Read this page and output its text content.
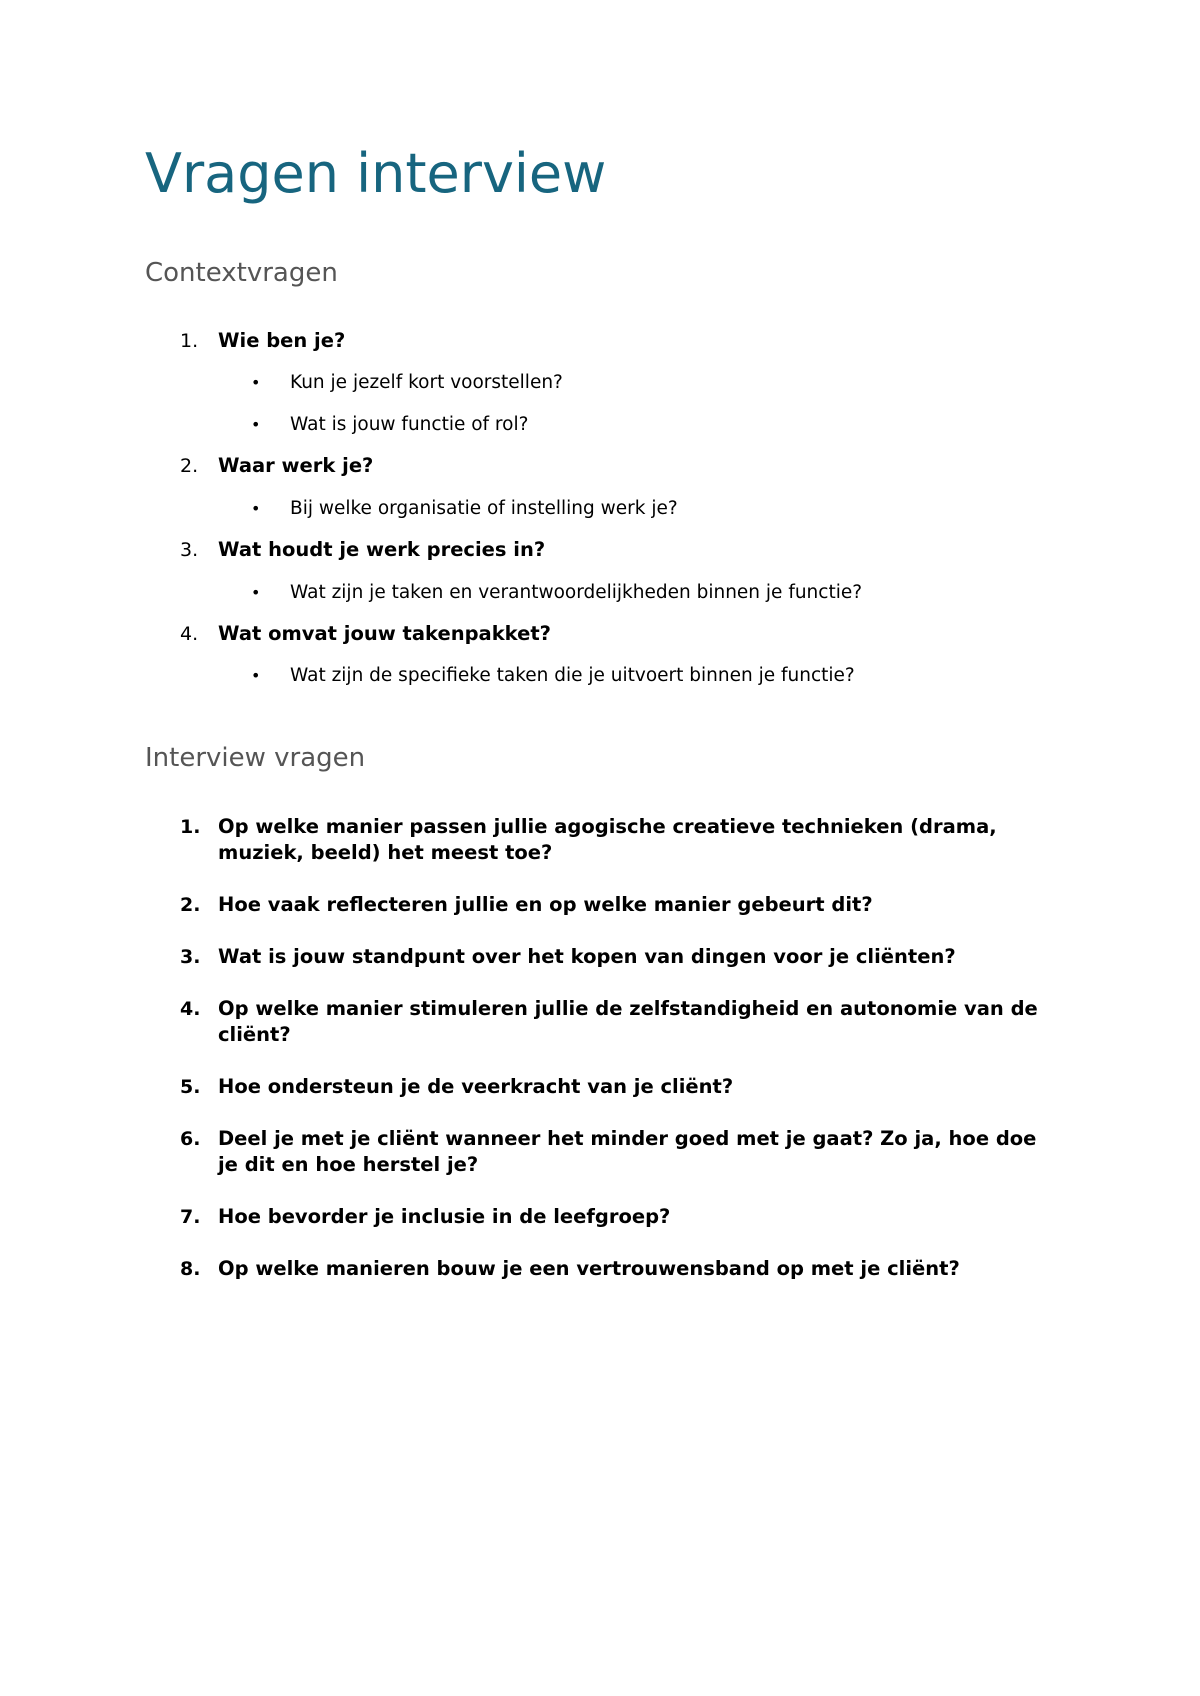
Vragen interview
Contextvragen
1. Wie ben je?
• Kun je jezelf kort voorstellen?
• Wat is jouw functie of rol?
2. Waar werk je?
• Bij welke organisatie of instelling werk je?
3. Wat houdt je werk precies in?
• Wat zijn je taken en verantwoordelijkheden binnen je functie?
4. Wat omvat jouw takenpakket?
• Wat zijn de specifieke taken die je uitvoert binnen je functie?
Interview vragen
1. Op welke manier passen jullie agogische creatieve technieken (drama, muziek, beeld) het meest toe?
2. Hoe vaak reflecteren jullie en op welke manier gebeurt dit?
3. Wat is jouw standpunt over het kopen van dingen voor je cliënten?
4. Op welke manier stimuleren jullie de zelfstandigheid en autonomie van de cliënt?
5. Hoe ondersteun je de veerkracht van je cliënt?
6. Deel je met je cliënt wanneer het minder goed met je gaat? Zo ja, hoe doe je dit en hoe herstel je?
7. Hoe bevorder je inclusie in de leefgroep?
8. Op welke manieren bouw je een vertrouwensband op met je cliënt?
